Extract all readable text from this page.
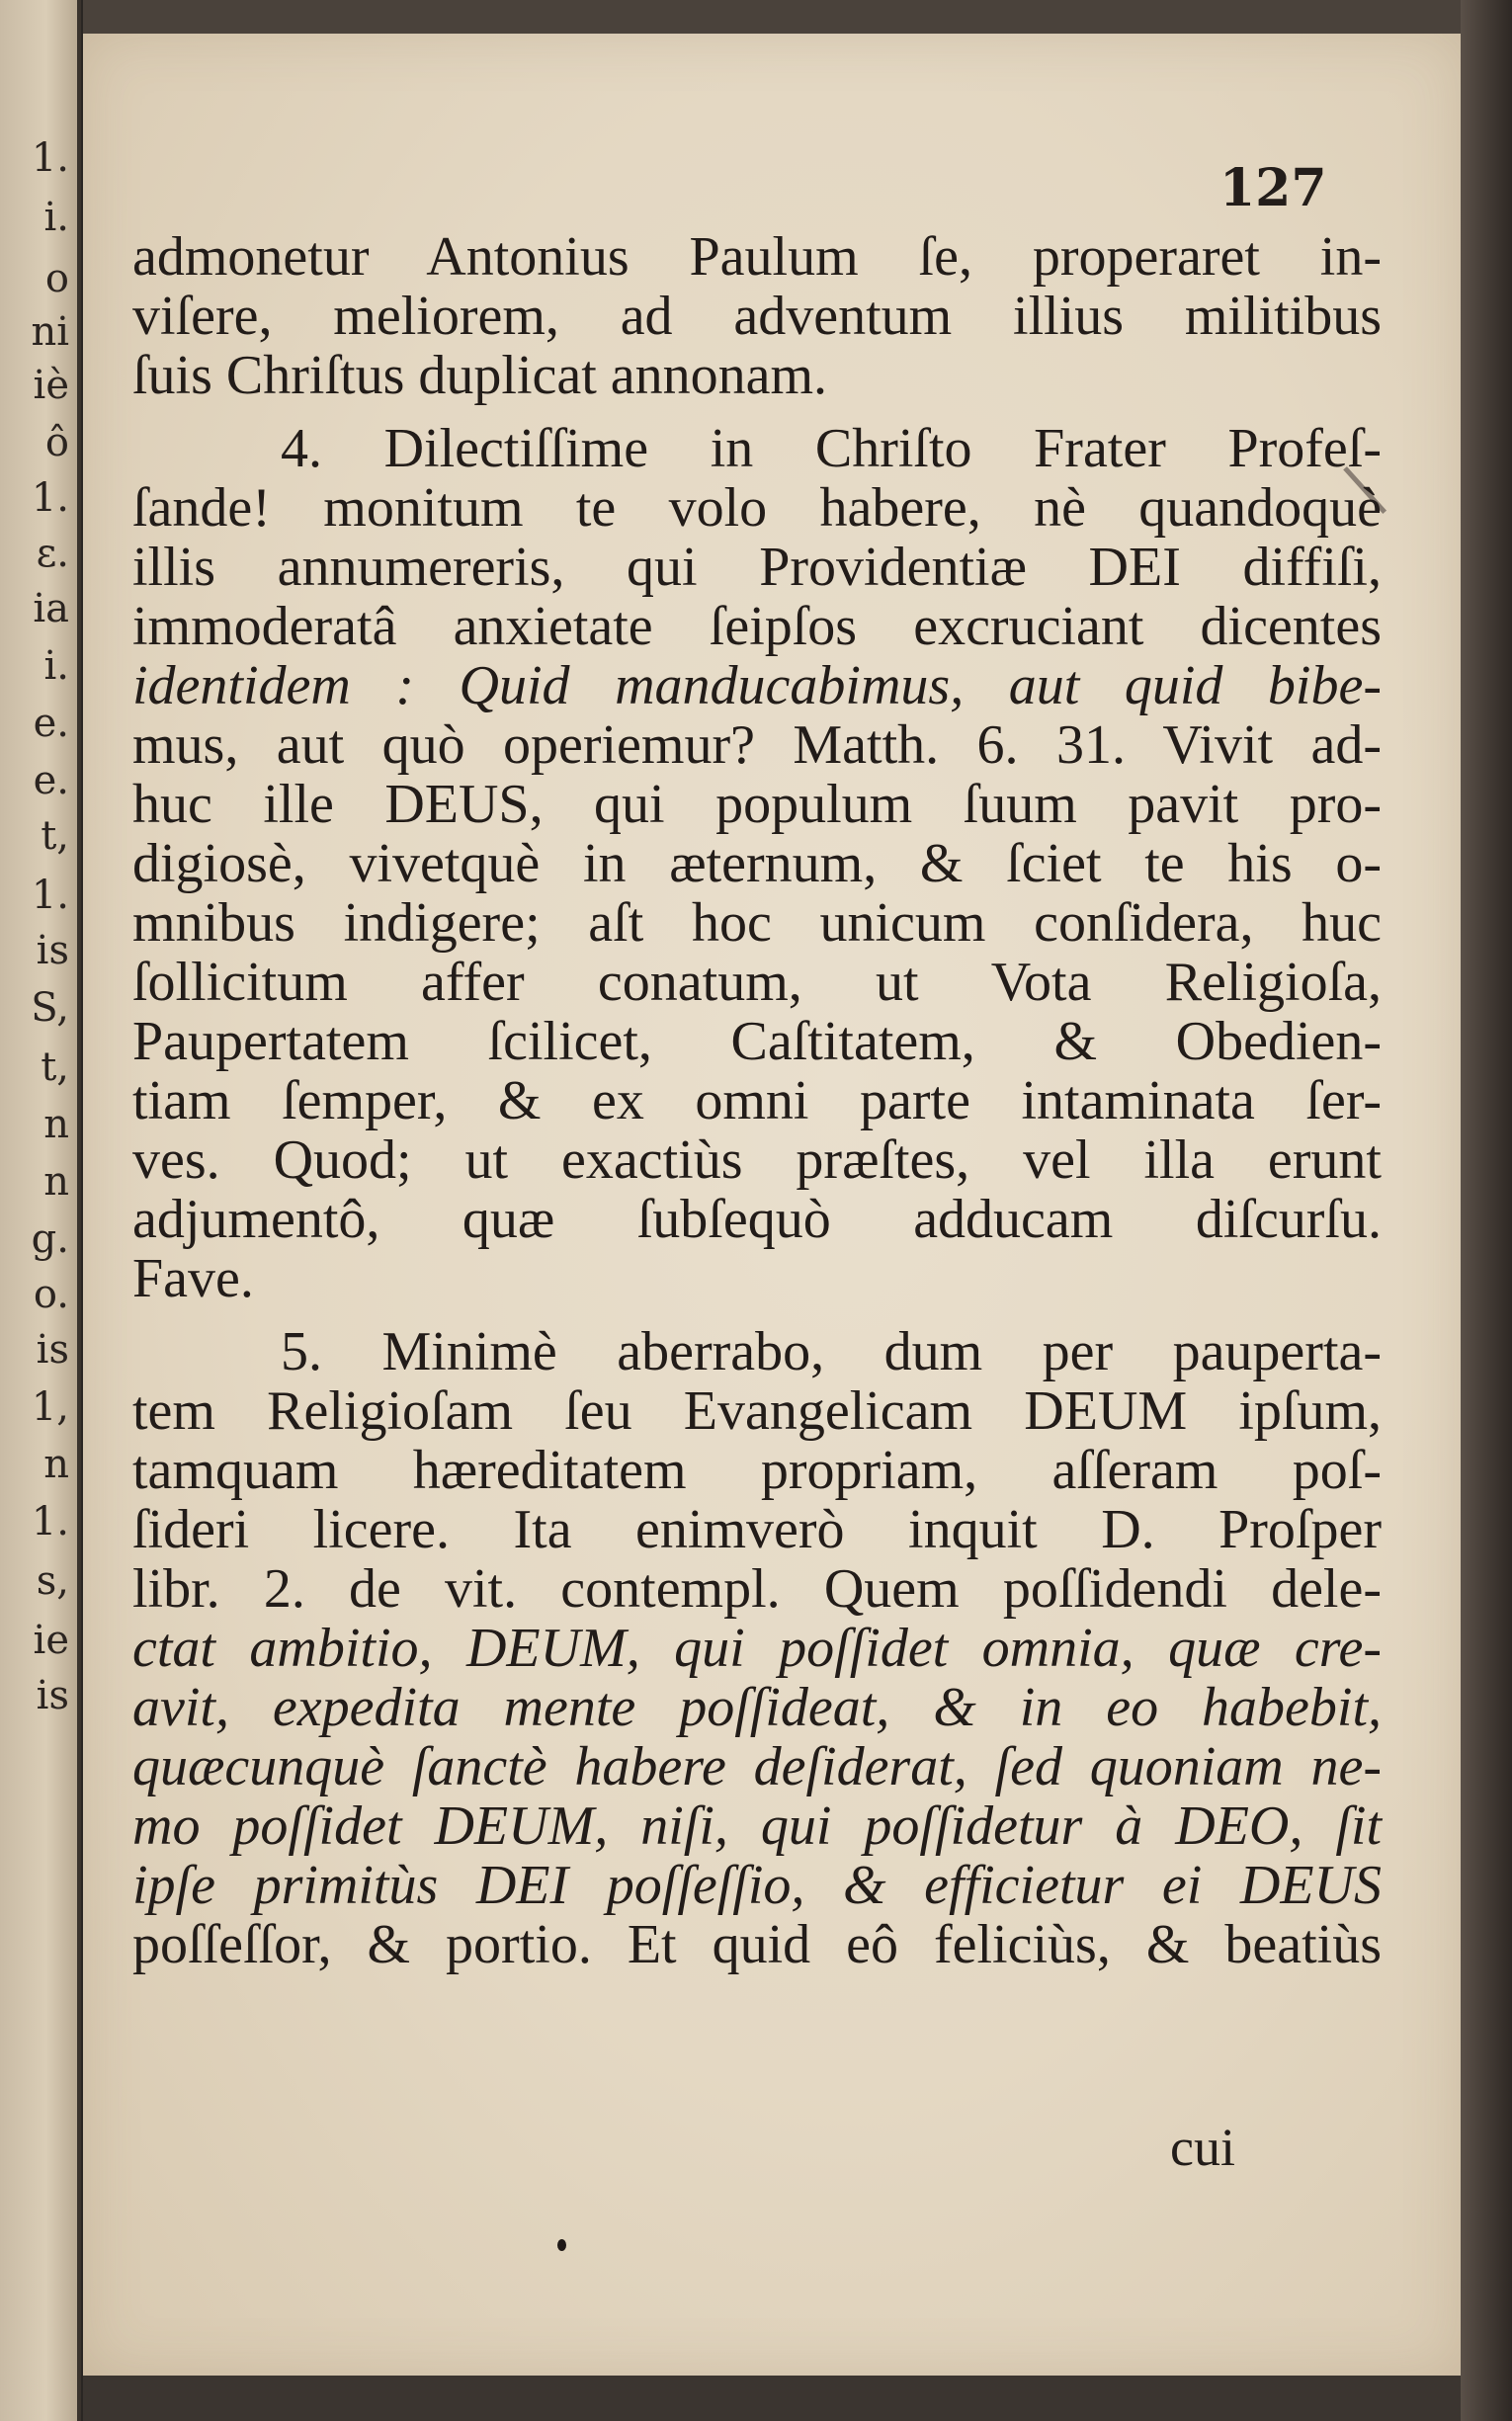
1.
i.
o
ni
iè
ô
1.
ε.
ia
i.
e.
e.
t,
1.
is
S,
t,
n
n
g.
o.
is
1,
n
1.
s,
ie
is
127
admonetur Antonius Paulum ſe, properaret in-
viſere, meliorem, ad adventum illius militibus
ſuis Chriſtus duplicat annonam.
4. Dilectiſſime in Chriſto Frater Profeſ-
ſande! monitum te volo habere, nè quandoquè
illis annumereris, qui Providentiæ DEI diffiſi,
immoderatâ anxietate ſeipſos excruciant dicentes
identidem : Quid manducabimus, aut quid bibe-
mus, aut quò operiemur? Matth. 6. 31. Vivit ad-
huc ille DEUS, qui populum ſuum pavit pro-
digiosè, vivetquè in æternum, & ſciet te his o-
mnibus indigere; aſt hoc unicum conſidera, huc
ſollicitum affer conatum, ut Vota Religioſa,
Paupertatem ſcilicet, Caſtitatem, & Obedien-
tiam ſemper, & ex omni parte intaminata ſer-
ves. Quod; ut exactiùs præſtes, vel illa erunt
adjumentô, quæ ſubſequò adducam diſcurſu.
Fave.
5. Minimè aberrabo, dum per pauperta-
tem Religioſam ſeu Evangelicam DEUM ipſum,
tamquam hæreditatem propriam, aſſeram poſ-
ſideri licere. Ita enimverò inquit D. Proſper
libr. 2. de vit. contempl. Quem poſſidendi dele-
ctat ambitio, DEUM, qui poſſidet omnia, quæ cre-
avit, expedita mente poſſideat, & in eo habebit,
quæcunquè ſanctè habere deſiderat, ſed quoniam ne-
mo poſſidet DEUM, niſi, qui poſſidetur à DEO, ſit
ipſe primitùs DEI poſſeſſio, & efficietur ei DEUS
poſſeſſor, & portio. Et quid eô feliciùs, & beatiùs
cui
